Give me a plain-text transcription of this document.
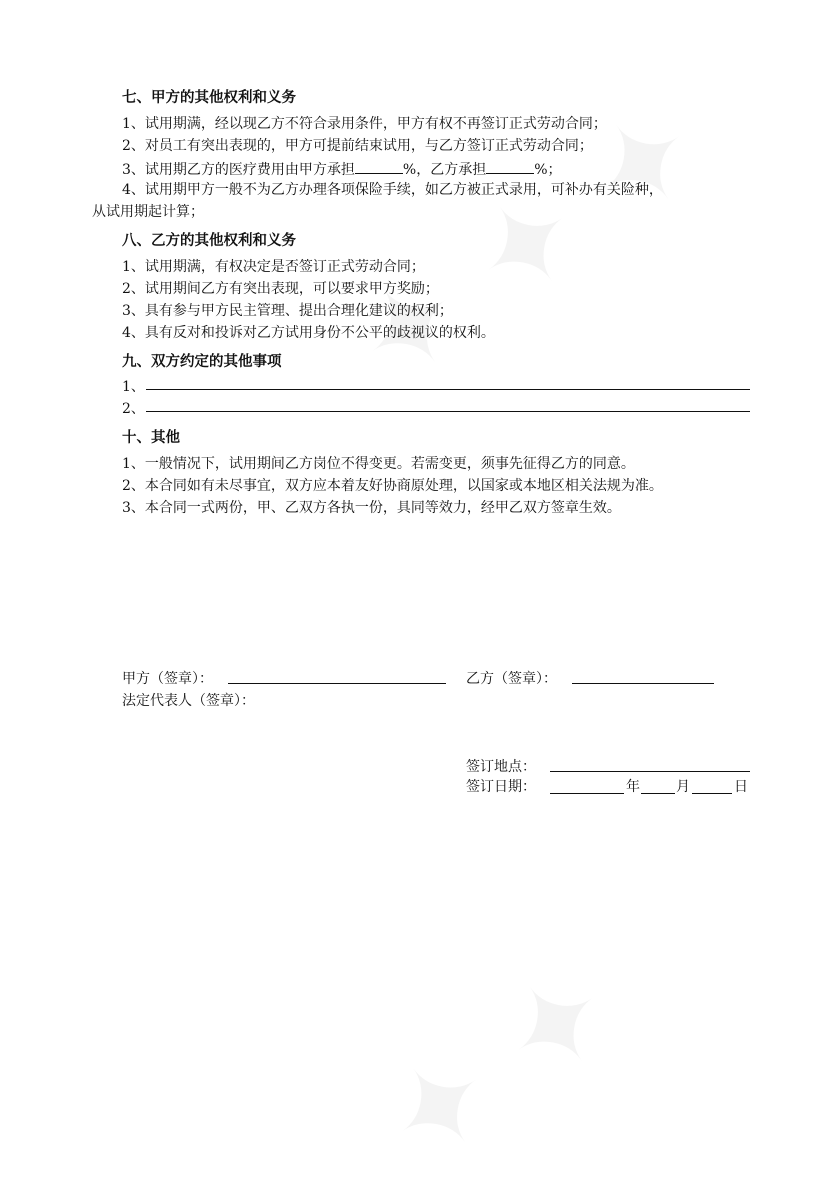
七、甲方的其他权利和义务
1、试用期满，经以现乙方不符合录用条件，甲方有权不再签订正式劳动合同；
2、对员工有突出表现的，甲方可提前结束试用，与乙方签订正式劳动合同；
3、试用期乙方的医疗费用由甲方承担	%，乙方承担	%；
4、试用期甲方一般不为乙方办理各项保险手续，如乙方被正式录用，可补办有关险种，
从试用期起计算；
八、乙方的其他权利和义务
1、试用期满，有权决定是否签订正式劳动合同；
2、试用期间乙方有突出表现，可以要求甲方奖励；
3、具有参与甲方民主管理、提出合理化建议的权利；
4、具有反对和投诉对乙方试用身份不公平的歧视议的权利。
九、双方约定的其他事项
1、
2、
十、其他
1、一般情况下，试用期间乙方岗位不得变更。若需变更，须事先征得乙方的同意。
2、本合同如有未尽事宜，双方应本着友好协商原处理，以国家或本地区相关法规为准。
3、本合同一式两份，甲、乙双方各执一份，具同等效力，经甲乙双方签章生效。
甲方（签章）：	乙方（签章）：
法定代表人（签章）：
签订地点：
签订日期：	年	月	日
